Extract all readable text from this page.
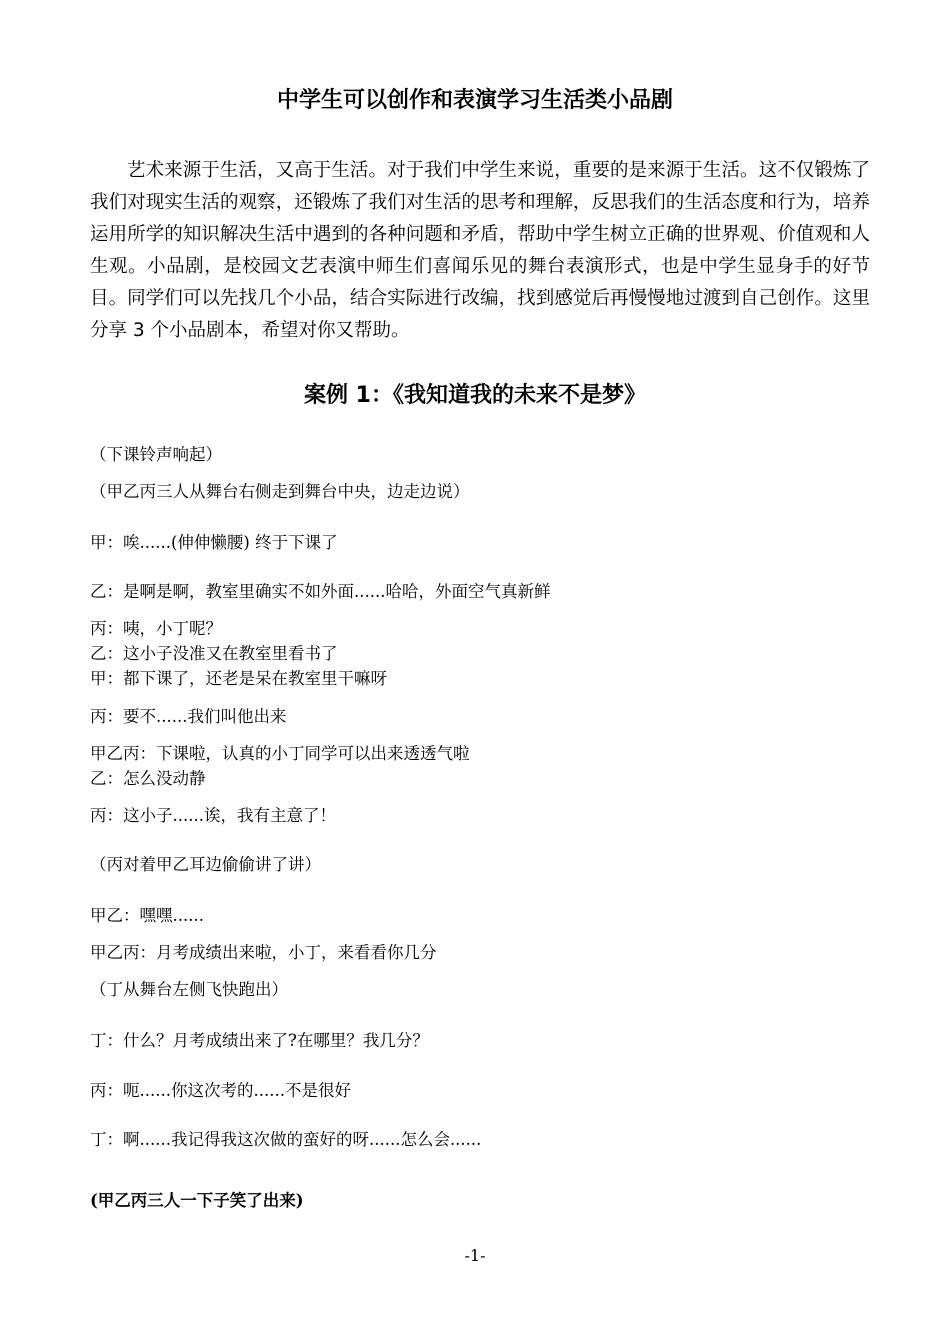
中学生可以创作和表演学习生活类小品剧
艺术来源于生活，又高于生活。对于我们中学生来说，重要的是来源于生活。这不仅锻炼了我们对现实生活的观察，还锻炼了我们对生活的思考和理解，反思我们的生活态度和行为，培养运用所学的知识解决生活中遇到的各种问题和矛盾，帮助中学生树立正确的世界观、价值观和人生观。小品剧，是校园文艺表演中师生们喜闻乐见的舞台表演形式，也是中学生显身手的好节目。同学们可以先找几个小品，结合实际进行改编，找到感觉后再慢慢地过渡到自己创作。这里分享 3 个小品剧本，希望对你又帮助。
案例 1：《我知道我的未来不是梦》
（下课铃声响起）
（甲乙丙三人从舞台右侧走到舞台中央，边走边说）
甲：唉......(伸伸懒腰) 终于下课了
乙：是啊是啊，教室里确实不如外面......哈哈，外面空气真新鲜
丙：咦，小丁呢？
乙：这小子没准又在教室里看书了
甲：都下课了，还老是呆在教室里干嘛呀
丙：要不......我们叫他出来
甲乙丙：下课啦，认真的小丁同学可以出来透透气啦
乙：怎么没动静
丙：这小子......诶，我有主意了！
（丙对着甲乙耳边偷偷讲了讲）
甲乙：嘿嘿......
甲乙丙：月考成绩出来啦，小丁，来看看你几分
（丁从舞台左侧飞快跑出）
丁：什么？月考成绩出来了?在哪里？我几分？
丙：呃......你这次考的......不是很好
丁：啊......我记得我这次做的蛮好的呀......怎么会......
(甲乙丙三人一下子笑了出来)
-1-
